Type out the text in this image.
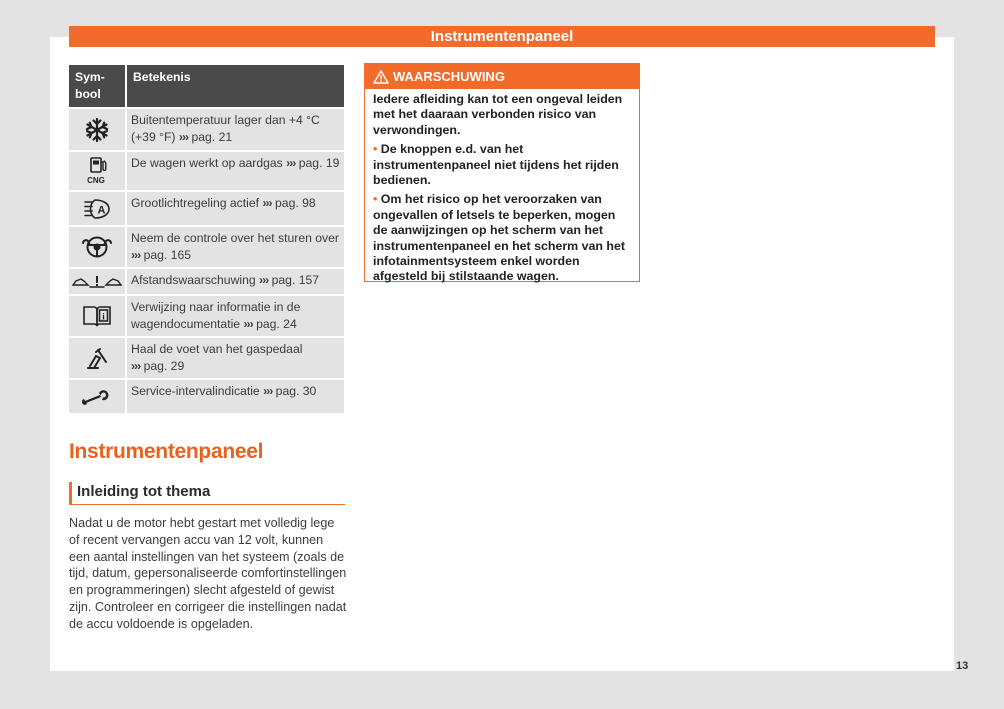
Instrumentenpaneel
Sym-
bool	Betekenis

	Buitentemperatuur lager dan +4 °C (+39 °F) ››› pag. 21

CNG	De wagen werkt op aardgas ››› pag. 19

A	Grootlichtregeling actief ››› pag. 98

	Neem de controle over het sturen over ››› pag. 165

	Afstandswaarschuwing ››› pag. 157

i	Verwijzing naar informatie in de wagendocumentatie ››› pag. 24

	Haal de voet van het gaspedaal
››› pag. 29

	Service-intervalindicatie ››› pag. 30
Instrumentenpaneel
Inleiding tot thema

Nadat u de motor hebt gestart met volledig lege of recent vervangen accu van 12 volt, kunnen een aantal instellingen van het systeem (zoals de tijd, datum, gepersonaliseerde comfortinstellingen en programmeringen) slecht afgesteld of gewist zijn. Controleer en corrigeer die instellingen nadat de accu voldoende is opgeladen.

WAARSCHUWING

Iedere afleiding kan tot een ongeval leiden met het daaraan verbonden risico van verwondingen.

• De knoppen e.d. van het instrumentenpaneel niet tijdens het rijden bedienen.

• Om het risico op het veroorzaken van ongevallen of letsels te beperken, mogen de aanwijzingen op het scherm van het instrumentenpaneel en het scherm van het infotainmentsysteem enkel worden afgesteld bij stilstaande wagen.

13
